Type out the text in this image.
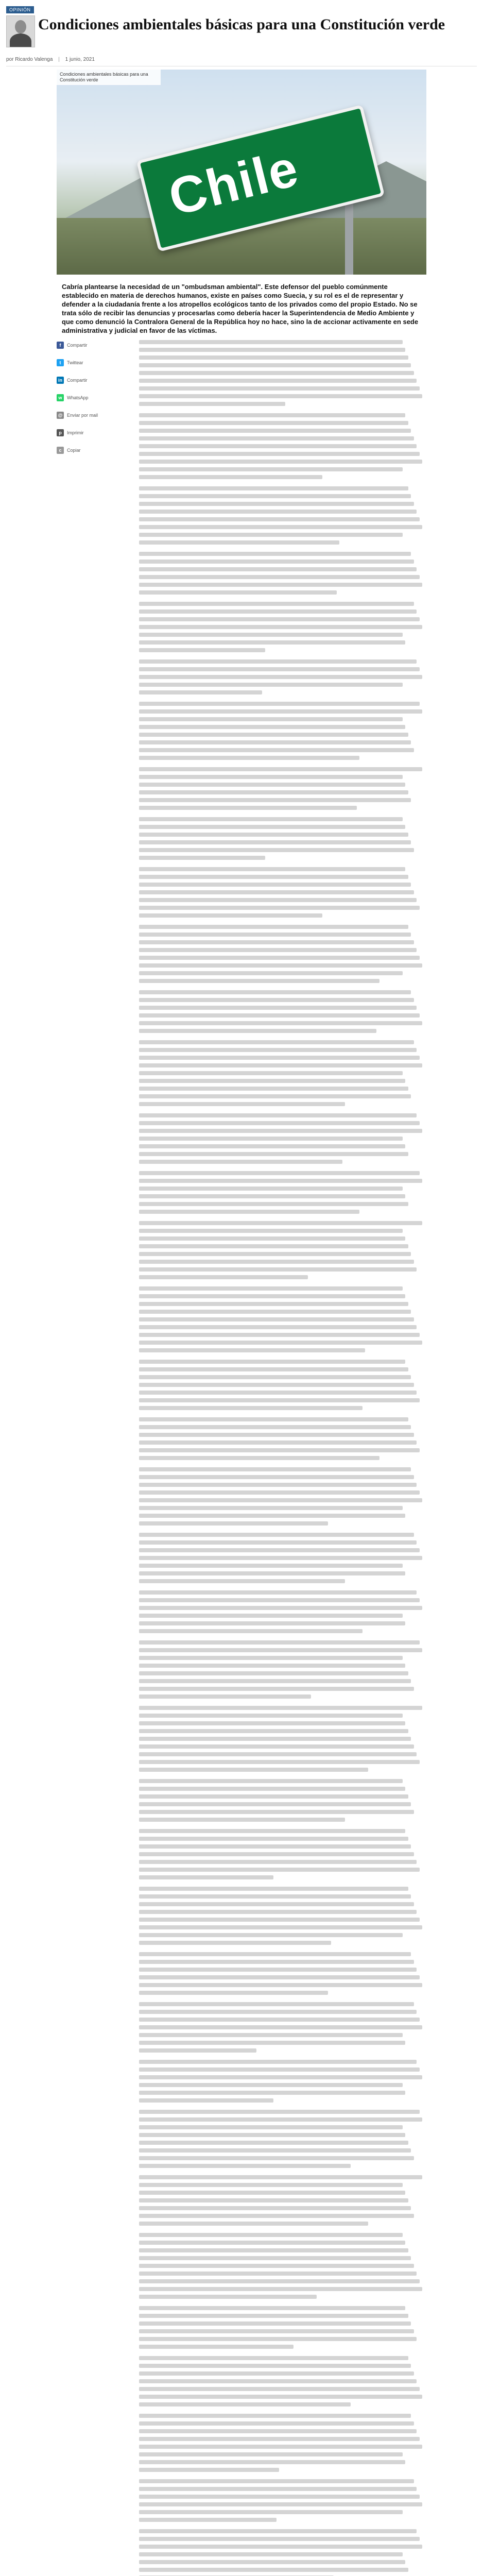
OPINIÓN
Condiciones ambientales básicas para una Constitución verde
por Ricardo Valenga | 1 junio, 2021
Chile
Condiciones ambientales básicas para una Constitución verde

Cabría plantearse la necesidad de un "ombudsman ambiental". Este defensor del pueblo comúnmente establecido en materia de derechos humanos, existe en países como Suecia, y su rol es el de representar y defender a la ciudadanía frente a los atropellos ecológicos tanto de los privados como del propio Estado. No se trata sólo de recibir las denuncias y procesarlas como debería hacer la Superintendencia de Medio Ambiente y que como denunció la Contralora General de la República hoy no hace, sino la de accionar activamente en sede administrativa y judicial en favor de las víctimas.

f	Compartir
t	Twittear
in	Compartir
w	WhatsApp
@ Enviar por mail
p	Imprimir
c	Copiar
